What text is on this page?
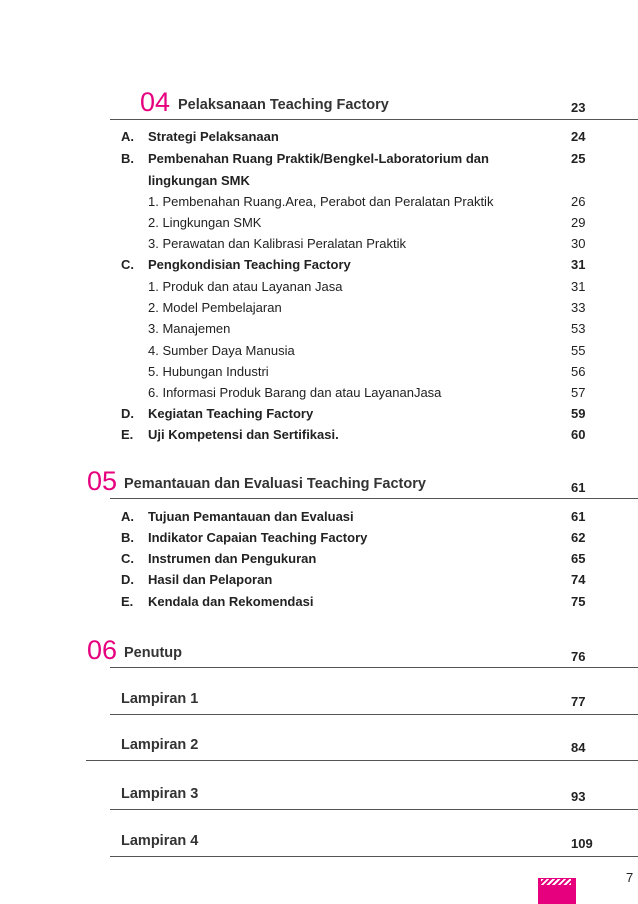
04 Pelaksanaan Teaching Factory	23
A. Strategi Pelaksanaan	24
B. Pembenahan Ruang Praktik/Bengkel-Laboratorium dan	25
lingkungan SMK
1. Pembenahan Ruang.Area, Perabot dan Peralatan Praktik	26
2. Lingkungan SMK	29
3. Perawatan dan Kalibrasi Peralatan Praktik	30
C. Pengkondisian Teaching Factory	31
1. Produk dan atau Layanan Jasa	31
2. Model Pembelajaran	33
3. Manajemen	53
4. Sumber Daya Manusia	55
5. Hubungan Industri	56
6. Informasi Produk Barang dan atau LayananJasa	57
D. Kegiatan Teaching Factory	59
E. Uji Kompetensi dan Sertifikasi.	60
05 Pemantauan dan Evaluasi Teaching Factory	61
A. Tujuan Pemantauan dan Evaluasi	61
B. Indikator Capaian Teaching Factory	62
C. Instrumen dan Pengukuran	65
D. Hasil dan Pelaporan	74
E. Kendala dan Rekomendasi	75
06 Penutup	76
Lampiran 1	77
Lampiran 2	84
Lampiran 3	93
Lampiran 4	109
7
